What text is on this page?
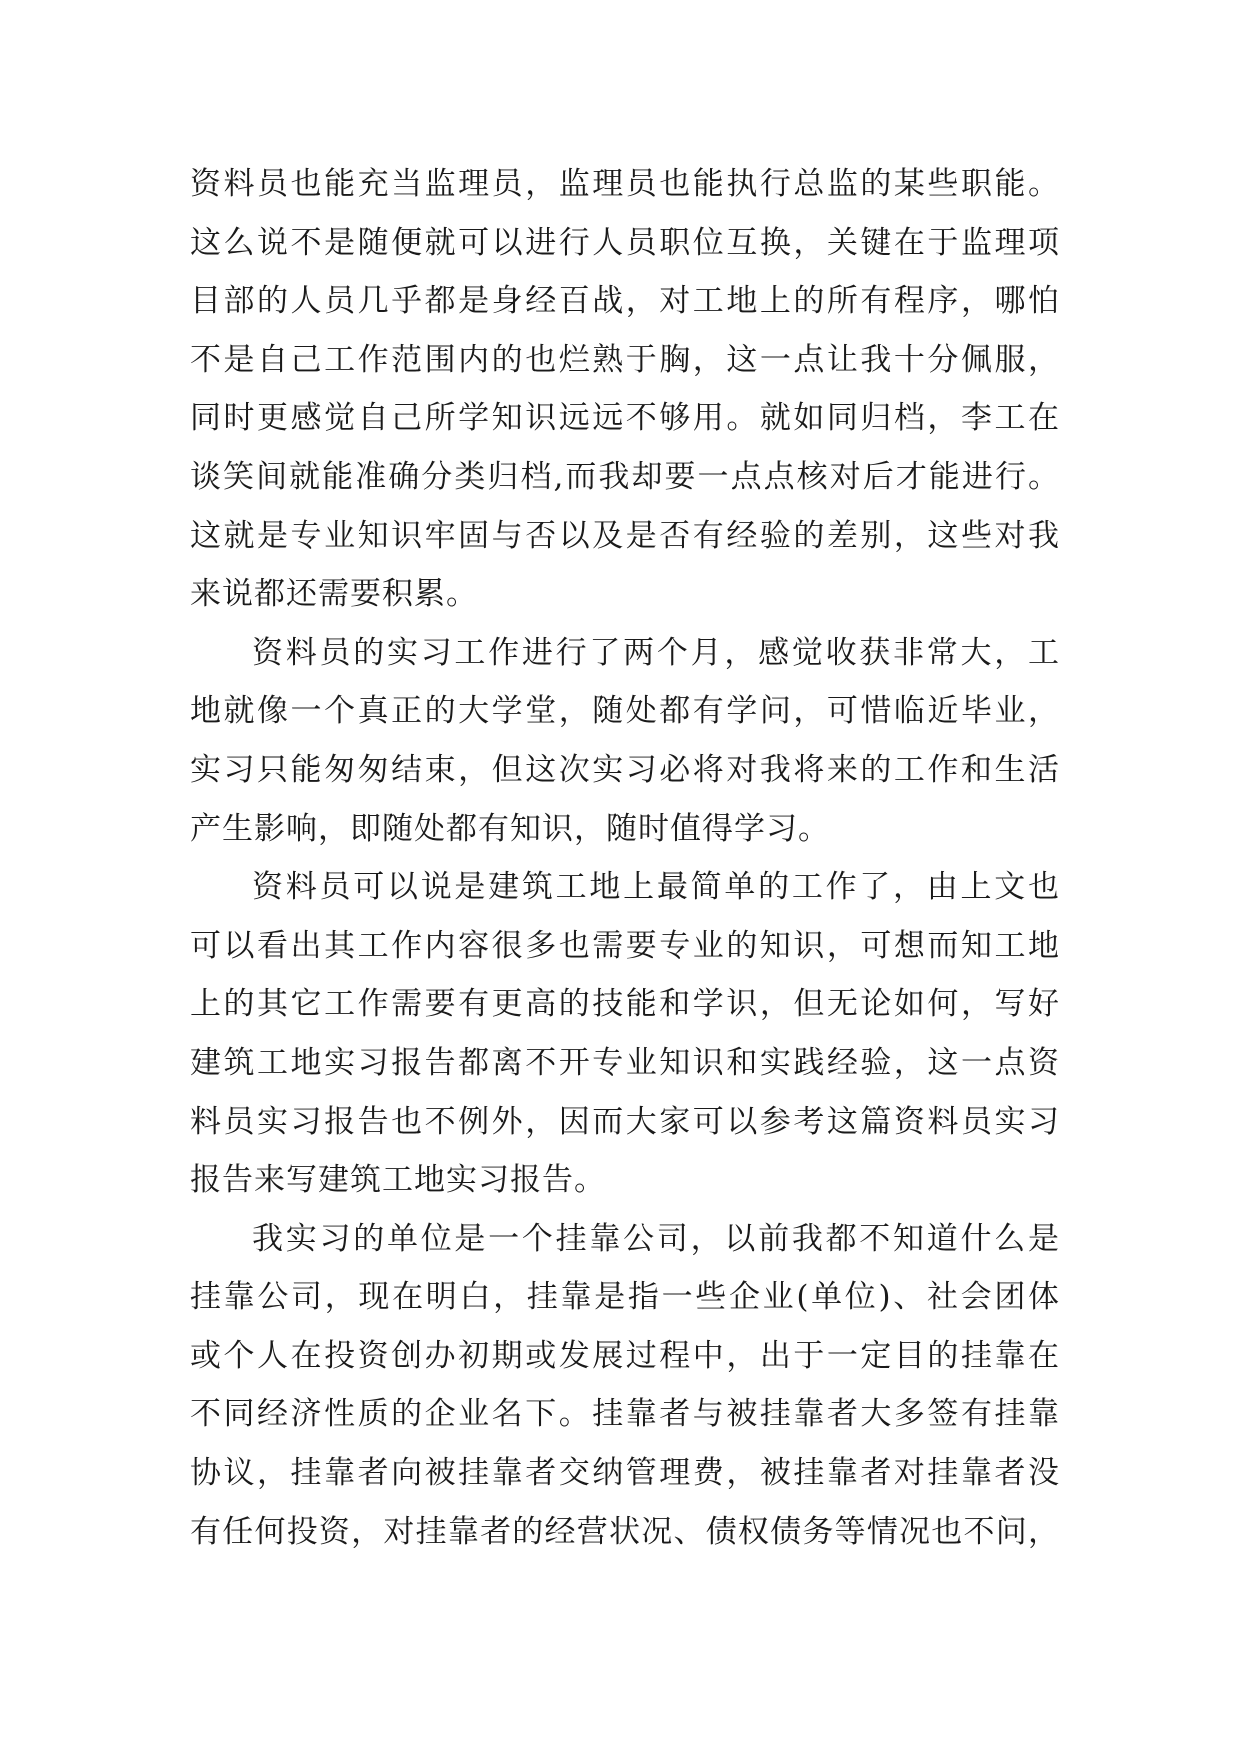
资料员也能充当监理员，监理员也能执行总监的某些职能。
这么说不是随便就可以进行人员职位互换，关键在于监理项
目部的人员几乎都是身经百战，对工地上的所有程序，哪怕
不是自己工作范围内的也烂熟于胸，这一点让我十分佩服，
同时更感觉自己所学知识远远不够用。就如同归档，李工在
谈笑间就能准确分类归档,而我却要一点点核对后才能进行。
这就是专业知识牢固与否以及是否有经验的差别，这些对我
来说都还需要积累。
资料员的实习工作进行了两个月，感觉收获非常大，工
地就像一个真正的大学堂，随处都有学问，可惜临近毕业，
实习只能匆匆结束，但这次实习必将对我将来的工作和生活
产生影响，即随处都有知识，随时值得学习。
资料员可以说是建筑工地上最简单的工作了，由上文也
可以看出其工作内容很多也需要专业的知识，可想而知工地
上的其它工作需要有更高的技能和学识，但无论如何，写好
建筑工地实习报告都离不开专业知识和实践经验，这一点资
料员实习报告也不例外，因而大家可以参考这篇资料员实习
报告来写建筑工地实习报告。
我实习的单位是一个挂靠公司，以前我都不知道什么是
挂靠公司，现在明白，挂靠是指一些企业(单位)、社会团体
或个人在投资创办初期或发展过程中，出于一定目的挂靠在
不同经济性质的企业名下。挂靠者与被挂靠者大多签有挂靠
协议，挂靠者向被挂靠者交纳管理费，被挂靠者对挂靠者没
有任何投资，对挂靠者的经营状况、债权债务等情况也不问，
